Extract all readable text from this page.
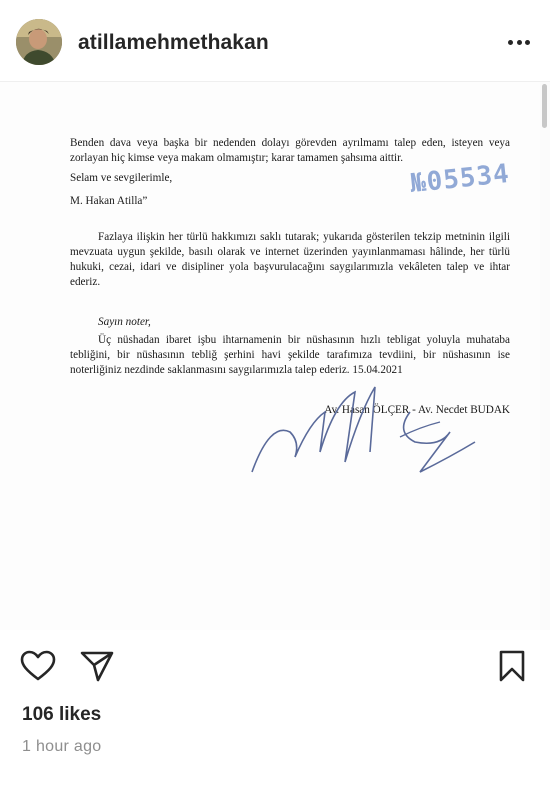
atillamehmethakan

Benden dava veya başka bir nedenden dolayı görevden ayrılmamı talep eden, isteyen veya zorlayan hiç kimse veya makam olmamıştır; karar tamamen şahsıma aittir.

Selam ve sevgilerimle,

M. Hakan Atilla”

Fazlaya ilişkin her türlü hakkımızı saklı tutarak; yukarıda gösterilen tekzip metninin ilgili mevzuata uygun şekilde, basılı olarak ve internet üzerinden yayınlanmaması hâlinde, her türlü hukuki, cezai, idari ve disipliner yola başvurulacağını saygılarımızla vekâleten talep ve ihtar ederiz.

Sayın noter,

Üç nüshadan ibaret işbu ihtarnamenin bir nüshasının hızlı tebligat yoluyla muhataba tebliğini, bir nüshasının tebliğ şerhini havi şekilde tarafımıza tevdiini, bir nüshasının ise noterliğiniz nezdinde saklanmasını saygılarımızla talep ederiz. 15.04.2021

Av. Hasan ÖLÇER - Av. Necdet BUDAK

№05534
106 likes
1 hour ago
